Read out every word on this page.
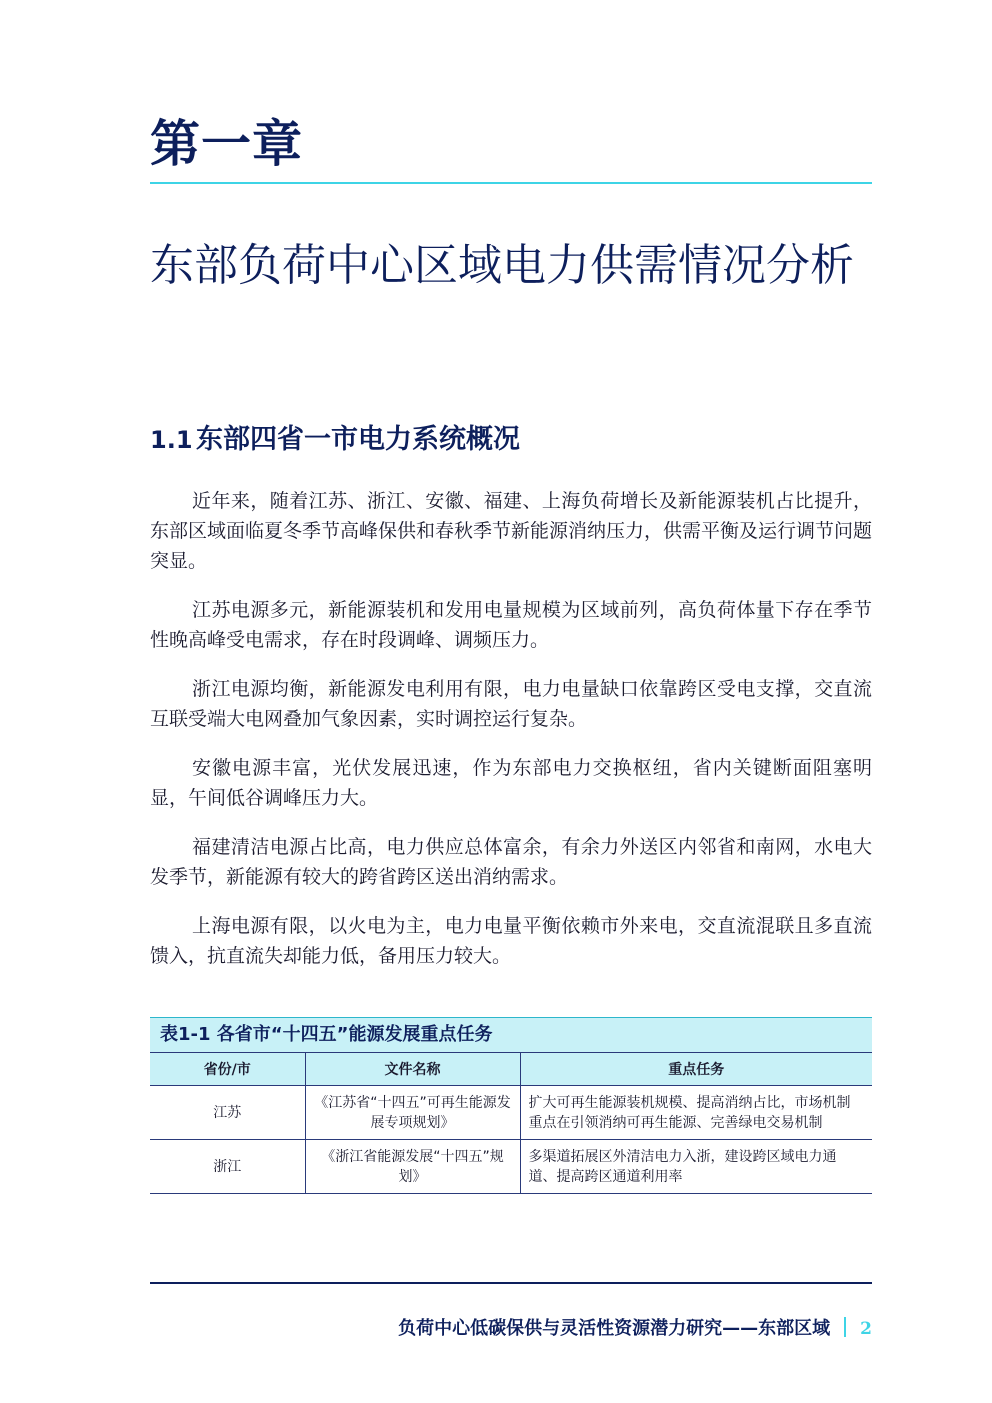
第一章
东部负荷中心区域电力供需情况分析
1.1 东部四省一市电力系统概况

近年来，随着江苏、浙江、安徽、福建、上海负荷增长及新能源装机占比提升，东部区域面临夏冬季节高峰保供和春秋季节新能源消纳压力，供需平衡及运行调节问题突显。

江苏电源多元，新能源装机和发用电量规模为区域前列，高负荷体量下存在季节性晚高峰受电需求，存在时段调峰、调频压力。

浙江电源均衡，新能源发电利用有限，电力电量缺口依靠跨区受电支撑，交直流互联受端大电网叠加气象因素，实时调控运行复杂。

安徽电源丰富，光伏发展迅速，作为东部电力交换枢纽，省内关键断面阻塞明显，午间低谷调峰压力大。

福建清洁电源占比高，电力供应总体富余，有余力外送区内邻省和南网，水电大发季节，新能源有较大的跨省跨区送出消纳需求。

上海电源有限，以火电为主，电力电量平衡依赖市外来电，交直流混联且多直流馈入，抗直流失却能力低，备用压力较大。

表1-1 各省市“十四五”能源发展重点任务
省份/市	文件名称	重点任务
江苏	《江苏省“十四五”可再生能源发展专项规划》	扩大可再生能源装机规模、提高消纳占比，市场机制重点在引领消纳可再生能源、完善绿电交易机制
浙江	《浙江省能源发展“十四五”规划》	多渠道拓展区外清洁电力入浙，建设跨区域电力通道、提高跨区通道利用率
负荷中心低碳保供与灵活性资源潜力研究——东部区域 2
